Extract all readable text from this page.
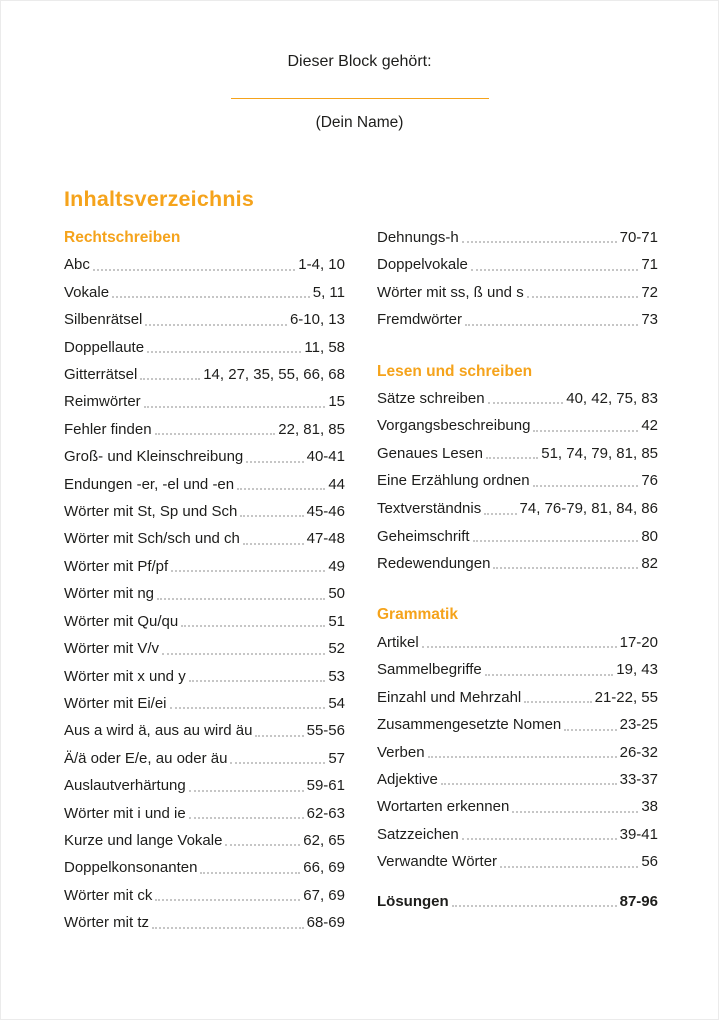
Dieser Block gehört:
(Dein Name)
Inhaltsverzeichnis
Rechtschreiben
Abc	1-4, 10
Vokale	5, 11
Silbenrätsel	6-10, 13
Doppellaute	11, 58
Gitterrätsel	14, 27, 35, 55, 66, 68
Reimwörter	15
Fehler finden	22, 81, 85
Groß- und Kleinschreibung	40-41
Endungen -er, -el und -en	44
Wörter mit St, Sp und Sch	45-46
Wörter mit Sch/sch und ch	47-48
Wörter mit Pf/pf	49
Wörter mit ng	50
Wörter mit Qu/qu	51
Wörter mit V/v	52
Wörter mit x und y	53
Wörter mit Ei/ei	54
Aus a wird ä, aus au wird äu	55-56
Ä/ä oder E/e, au oder äu	57
Auslautverhärtung	59-61
Wörter mit i und ie	62-63
Kurze und lange Vokale	62, 65
Doppelkonsonanten	66, 69
Wörter mit ck	67, 69
Wörter mit tz	68-69
Dehnungs-h	70-71
Doppelvokale	71
Wörter mit ss, ß und s	72
Fremdwörter	73
Lesen und schreiben
Sätze schreiben	40, 42, 75, 83
Vorgangsbeschreibung	42
Genaues Lesen	51, 74, 79, 81, 85
Eine Erzählung ordnen	76
Textverständnis	74, 76-79, 81, 84, 86
Geheimschrift	80
Redewendungen	82
Grammatik
Artikel	17-20
Sammelbegriffe	19, 43
Einzahl und Mehrzahl	21-22, 55
Zusammengesetzte Nomen	23-25
Verben	26-32
Adjektive	33-37
Wortarten erkennen	38
Satzzeichen	39-41
Verwandte Wörter	56
Lösungen	87-96
